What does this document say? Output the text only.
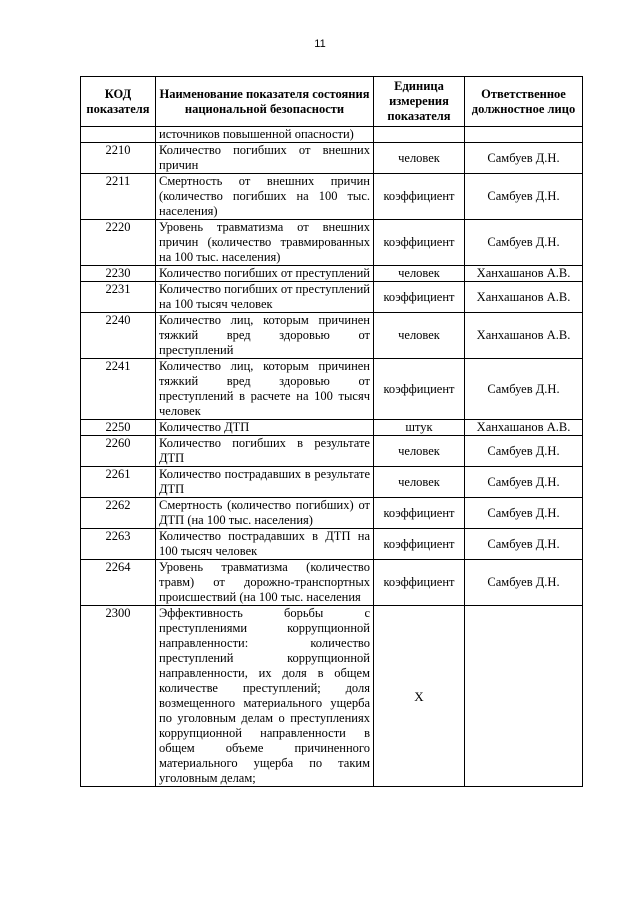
11
КОД показателя	Наименование показателя состояния национальной безопасности	Единица измерения показателя	Ответственное должностное лицо
	источников повышенной опасности)		
2210	Количество погибших от внешних причин	человек	Самбуев Д.Н.
2211	Смертность от внешних причин (количество погибших на 100 тыс. населения)	коэффициент	Самбуев Д.Н.
2220	Уровень травматизма от внешних причин (количество травмированных на 100 тыс. населения)	коэффициент	Самбуев Д.Н.
2230	Количество погибших от преступлений	человек	Ханхашанов А.В.
2231	Количество погибших от преступлений на 100 тысяч человек	коэффициент	Ханхашанов А.В.
2240	Количество лиц, которым причинен тяжкий вред здоровью от преступлений	человек	Ханхашанов А.В.
2241	Количество лиц, которым причинен тяжкий вред здоровью от преступлений в расчете на 100 тысяч человек	коэффициент	Самбуев Д.Н.
2250	Количество ДТП	штук	Ханхашанов А.В.
2260	Количество погибших в результате ДТП	человек	Самбуев Д.Н.
2261	Количество пострадавших в результате ДТП	человек	Самбуев Д.Н.
2262	Смертность (количество погибших) от ДТП (на 100 тыс. населения)	коэффициент	Самбуев Д.Н.
2263	Количество пострадавших в ДТП на 100 тысяч человек	коэффициент	Самбуев Д.Н.
2264	Уровень травматизма (количество травм) от дорожно-транспортных происшествий (на 100 тыс. населения	коэффициент	Самбуев Д.Н.
2300	Эффективность борьбы с преступлениями коррупционной направленности: количество преступлений коррупционной направленности, их доля в общем количестве преступлений; доля возмещенного материального ущерба по уголовным делам о преступлениях коррупционной направленности в общем объеме причиненного материального ущерба по таким уголовным делам;	Х	
